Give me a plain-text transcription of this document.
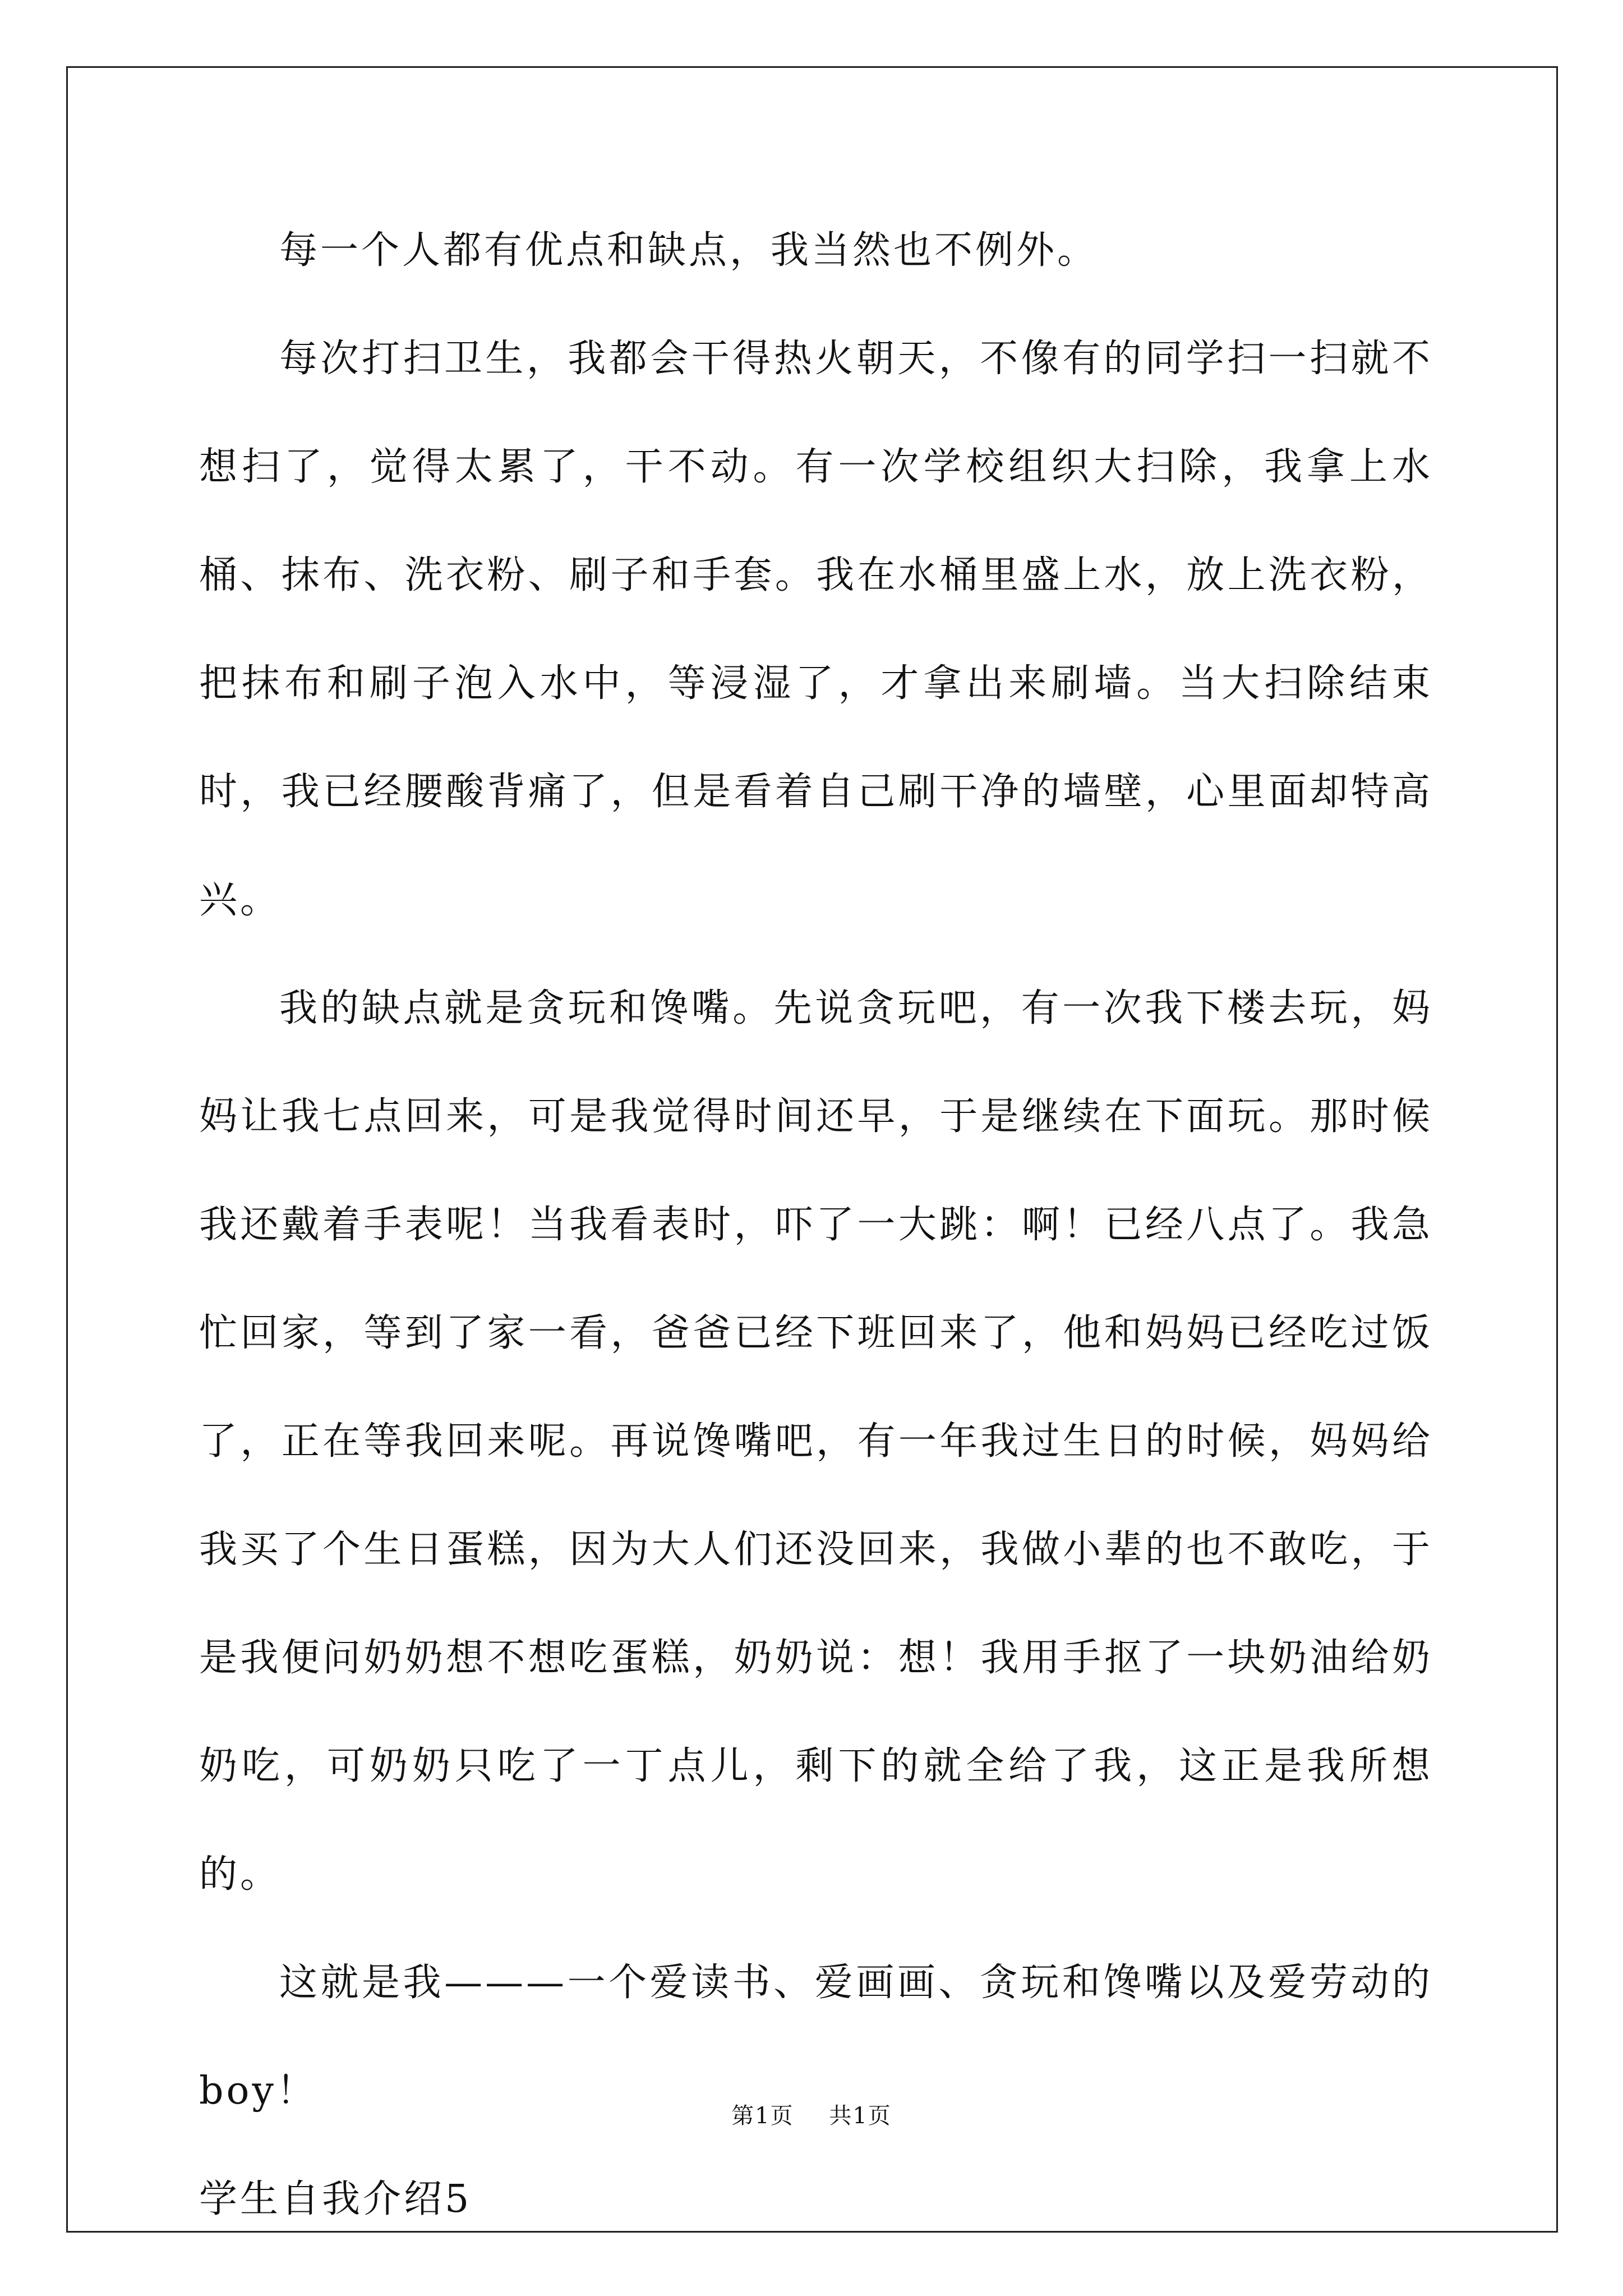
每一个人都有优点和缺点，我当然也不例外。

每次打扫卫生，我都会干得热火朝天，不像有的同学扫一扫就不想扫了，觉得太累了，干不动。有一次学校组织大扫除，我拿上水桶、抹布、洗衣粉、刷子和手套。我在水桶里盛上水，放上洗衣粉，把抹布和刷子泡入水中，等浸湿了，才拿出来刷墙。当大扫除结束时，我已经腰酸背痛了，但是看着自己刷干净的墙壁，心里面却特高兴。

我的缺点就是贪玩和馋嘴。先说贪玩吧，有一次我下楼去玩，妈妈让我七点回来，可是我觉得时间还早，于是继续在下面玩。那时候我还戴着手表呢！当我看表时，吓了一大跳：啊！已经八点了。我急忙回家，等到了家一看，爸爸已经下班回来了，他和妈妈已经吃过饭了，正在等我回来呢。再说馋嘴吧，有一年我过生日的时候，妈妈给我买了个生日蛋糕，因为大人们还没回来，我做小辈的也不敢吃，于是我便问奶奶想不想吃蛋糕，奶奶说：想！我用手抠了一块奶油给奶奶吃，可奶奶只吃了一丁点儿，剩下的就全给了我，这正是我所想的。

这就是我———一个爱读书、爱画画、贪玩和馋嘴以及爱劳动的boy！

学生自我介绍5

第1页 共1页
